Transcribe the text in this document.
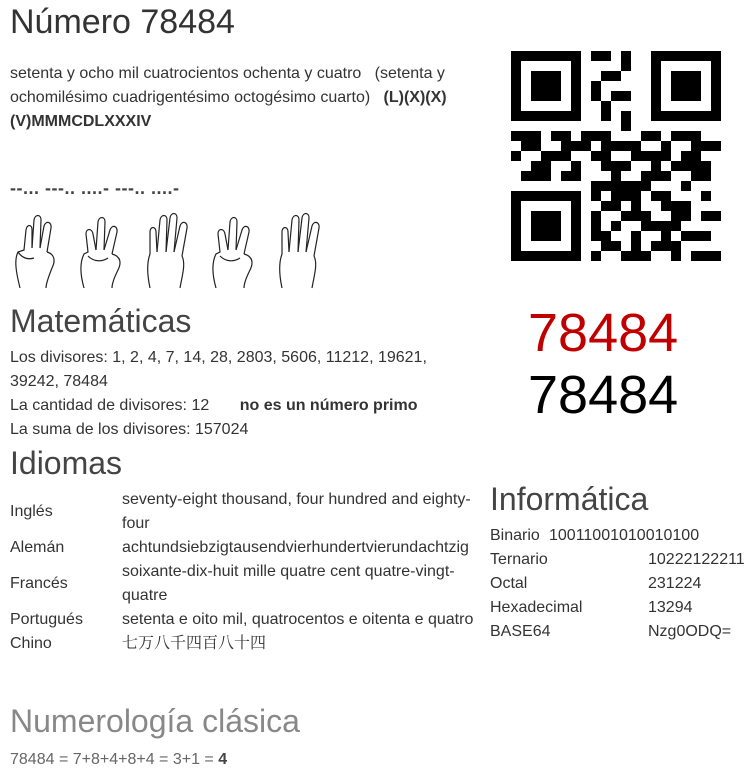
Número 78484
setenta y ocho mil cuatrocientos ochenta y cuatro (setenta y ochomilésimo cuadrigentésimo octogésimo cuarto) (L)(X)(X)(V)MMMCDLXXXIV
--... ---.. ....- ---.. ....-
78484
78484
Matemáticas
Los divisores: 1, 2, 4, 7, 14, 28, 2803, 5606, 11212, 19621, 39242, 78484
La cantidad de divisores: 12 no es un número primo
La suma de los divisores: 157024
Idiomas
Inglés	seventy-eight thousand, four hundred and eighty-four
Alemán	achtundsiebzigtausendvierhundertvierundachtzig
Francés	soixante-dix-huit mille quatre cent quatre-vingt-quatre
Portugués	setenta e oito mil, quatrocentos e oitenta e quatro
Chino	七万八千四百八十四
Informática
Binario 10011001010010100
Ternario	10222122211
Octal	231224
Hexadecimal	13294
BASE64	Nzg0ODQ=
Numerología clásica
78484 = 7+8+4+8+4 = 3+1 = 4
